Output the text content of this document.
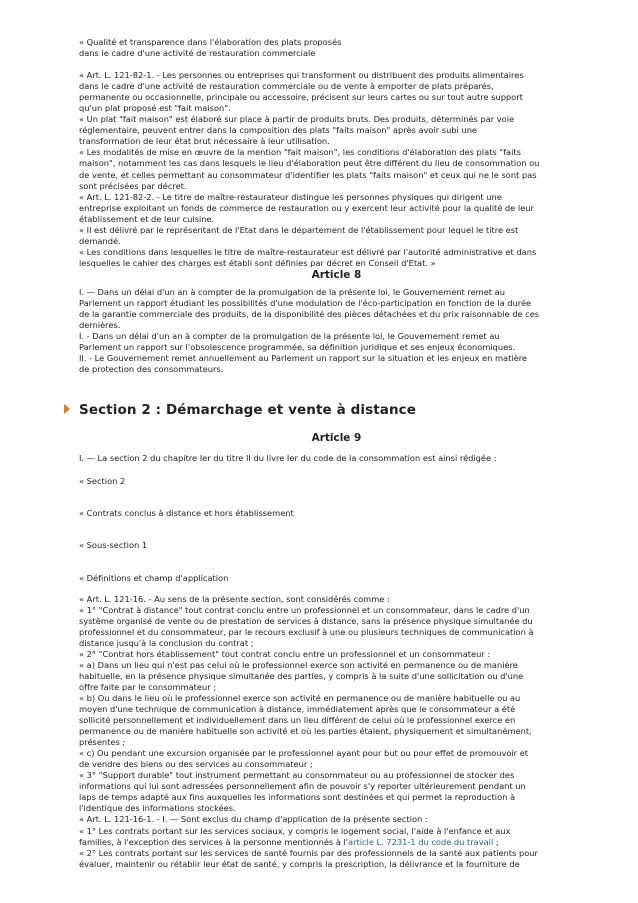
« Qualité et transparence dans l'élaboration des plats proposés

dans le cadre d'une activité de restauration commerciale

« Art. L. 121-82-1. - Les personnes ou entreprises qui transforment ou distribuent des produits alimentaires

dans le cadre d'une activité de restauration commerciale ou de vente à emporter de plats préparés,

permanente ou occasionnelle, principale ou accessoire, précisent sur leurs cartes ou sur tout autre support

qu'un plat proposé est "fait maison".

« Un plat "fait maison" est élaboré sur place à partir de produits bruts. Des produits, déterminés par voie

réglementaire, peuvent entrer dans la composition des plats "faits maison" après avoir subi une

transformation de leur état brut nécessaire à leur utilisation.

« Les modalités de mise en œuvre de la mention "fait maison", les conditions d'élaboration des plats "faits

maison", notamment les cas dans lesquels le lieu d'élaboration peut être différent du lieu de consommation ou

de vente, et celles permettant au consommateur d'identifier les plats "faits maison" et ceux qui ne le sont pas

sont précisées par décret.

« Art. L. 121-82-2. - Le titre de maître-restaurateur distingue les personnes physiques qui dirigent une

entreprise exploitant un fonds de commerce de restauration ou y exercent leur activité pour la qualité de leur

établissement et de leur cuisine.

« Il est délivré par le représentant de l'Etat dans le département de l'établissement pour lequel le titre est

demandé.

« Les conditions dans lesquelles le titre de maître-restaurateur est délivré par l'autorité administrative et dans

lesquelles le cahier des charges est établi sont définies par décret en Conseil d'Etat. »

Article 8

I. — Dans un délai d'un an à compter de la promulgation de la présente loi, le Gouvernement remet au

Parlement un rapport étudiant les possibilités d'une modulation de l'éco-participation en fonction de la durée

de la garantie commerciale des produits, de la disponibilité des pièces détachées et du prix raisonnable de ces

dernières.

I. - Dans un délai d'un an à compter de la promulgation de la présente loi, le Gouvernement remet au

Parlement un rapport sur l'obsolescence programmée, sa définition juridique et ses enjeux économiques.

II. - Le Gouvernement remet annuellement au Parlement un rapport sur la situation et les enjeux en matière

de protection des consommateurs.

Section 2 : Démarchage et vente à distance
Article 9

I. — La section 2 du chapitre Ier du titre II du livre Ier du code de la consommation est ainsi rédigée :

« Section 2

« Contrats conclus à distance et hors établissement

« Sous-section 1

« Définitions et champ d'application

« Art. L. 121-16. - Au sens de la présente section, sont considérés comme :

« 1° "Contrat à distance" tout contrat conclu entre un professionnel et un consommateur, dans le cadre d'un

système organisé de vente ou de prestation de services à distance, sans la présence physique simultanée du

professionnel et du consommateur, par le recours exclusif à une ou plusieurs techniques de communication à

distance jusqu'à la conclusion du contrat ;

« 2° "Contrat hors établissement" tout contrat conclu entre un professionnel et un consommateur :

« a) Dans un lieu qui n'est pas celui où le professionnel exerce son activité en permanence ou de manière

habituelle, en la présence physique simultanée des parties, y compris à la suite d'une sollicitation ou d'une

offre faite par le consommateur ;

« b) Ou dans le lieu où le professionnel exerce son activité en permanence ou de manière habituelle ou au

moyen d'une technique de communication à distance, immédiatement après que le consommateur a été

sollicité personnellement et individuellement dans un lieu différent de celui où le professionnel exerce en

permanence ou de manière habituelle son activité et où les parties étaient, physiquement et simultanément,

présentes ;

« c) Ou pendant une excursion organisée par le professionnel ayant pour but ou pour effet de promouvoir et

de vendre des biens ou des services au consommateur ;

« 3° "Support durable" tout instrument permettant au consommateur ou au professionnel de stocker des

informations qui lui sont adressées personnellement afin de pouvoir s'y reporter ultérieurement pendant un

laps de temps adapté aux fins auxquelles les informations sont destinées et qui permet la reproduction à

l'identique des informations stockées.

« Art. L. 121-16-1. - I. — Sont exclus du champ d'application de la présente section :

« 1° Les contrats portant sur les services sociaux, y compris le logement social, l'aide à l'enfance et aux

familles, à l'exception des services à la personne mentionnés à l'article L. 7231-1 du code du travail ;

« 2° Les contrats portant sur les services de santé fournis par des professionnels de la santé aux patients pour

évaluer, maintenir ou rétablir leur état de santé, y compris la prescription, la délivrance et la fourniture de
